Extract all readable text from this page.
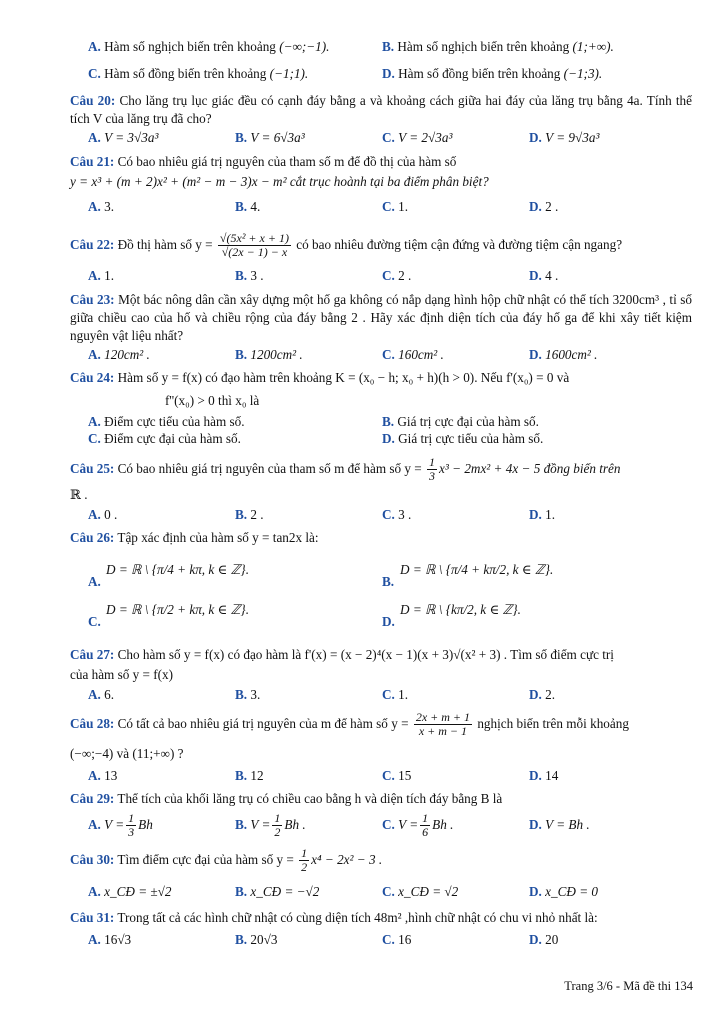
A. Hàm số nghịch biến trên khoảng (−∞;−1).	B. Hàm số nghịch biến trên khoảng (1;+∞).
C. Hàm số đồng biến trên khoảng (−1;1).	D. Hàm số đồng biến trên khoảng (−1;3).
Câu 20: Cho lăng trụ lục giác đều có cạnh đáy bằng a và khoảng cách giữa hai đáy của lăng trụ bằng 4a. Tính thể tích V của lăng trụ đã cho?
A. V = 3√3a³	B. V = 6√3a³	C. V = 2√3a³	D. V = 9√3a³
Câu 21: Có bao nhiêu giá trị nguyên của tham số m để đồ thị của hàm số
y = x³ + (m + 2)x² + (m² − m − 3)x − m² cắt trục hoành tại ba điểm phân biệt?
A. 3.	B. 4.	C. 1.	D. 2 .
Câu 22: Đồ thị hàm số $y = \frac{\text{√(5x² + x + 1)}}{√(2x - 1) - x}$ có bao nhiêu đường tiệm cận đứng và đường tiệm cận ngang?
A. 1.	B. 3 .	C. 2 .	D. 4 .
Câu 23: Một bác nông dân cần xây dựng một hố ga không có nắp dạng hình hộp chữ nhật có thể tích 3200cm³ , tỉ số giữa chiều cao của hố và chiều rộng của đáy bằng 2 . Hãy xác định diện tích của đáy hố ga để khi xây tiết kiệm nguyên vật liệu nhất?
A. 120cm² .	B. 1200cm² .	C. 160cm² .	D. 1600cm² .
Câu 24: Hàm số y = f(x) có đạo hàm trên khoảng K = (x₀ − h; x₀ + h)(h > 0). Nếu f'(x₀) = 0 và
f''(x₀) > 0 thì x₀ là
A. Điểm cực tiểu của hàm số.	B. Giá trị cực đại của hàm số.
C. Điểm cực đại của hàm số.	D. Giá trị cực tiểu của hàm số.
Câu 25: Có bao nhiêu giá trị nguyên của tham số m để hàm số $y = \frac{1}{3} x^3 - 2mx^2 + 4x - 5$ đồng biến trên
ℝ .
A. 0 .	B. 2 .	C. 3 .	D. 1.
Câu 26: Tập xác định của hàm số y = tan2x là:
A.
D = ℝ \ {π/4 + kπ, k ∈ ℤ}.
B.
D = ℝ \ {π/4 + kπ/2, k ∈ ℤ}.
C.
D = ℝ \ {π/2 + kπ, k ∈ ℤ}.
D.
D = ℝ \ {kπ/2, k ∈ ℤ}.
Câu 27: Cho hàm số y = f(x) có đạo hàm là f'(x) = (x − 2)⁴(x − 1)(x + 3)√(x² + 3) . Tìm số điểm cực trị
của hàm số y = f(x)
A. 6.	B. 3.	C. 1.	D. 2.
Câu 28: Có tất cả bao nhiêu giá trị nguyên của m để hàm số $y = \frac{2x + m + 1}{x + m - 1}$ nghịch biến trên mỗi khoảng
(−∞;−4) và (11;+∞) ?
A. 13	B. 12	C. 15	D. 14
Câu 29: Thể tích của khối lăng trụ có chiều cao bằng h và diện tích đáy bằng B là
A. $V = \frac{1}{3}$ Bh	B. $V = \frac{1}{2}$ Bh .	C. $V = \frac{1}{6}$ Bh .	D. V = Bh .
Câu 30: Tìm điểm cực đại của hàm số $y = \frac{1}{2} x^4 - 2x^2 - 3$ .
A. x_CĐ = ±√2	B. x_CĐ = −√2	C. x_CĐ = √2	D. x_CĐ = 0
Câu 31: Trong tất cả các hình chữ nhật có cùng diện tích 48m² ,hình chữ nhật có chu vi nhỏ nhất là:
A. 16√3	B. 20√3	C. 16	D. 20
Trang 3/6 - Mã đề thi 134
